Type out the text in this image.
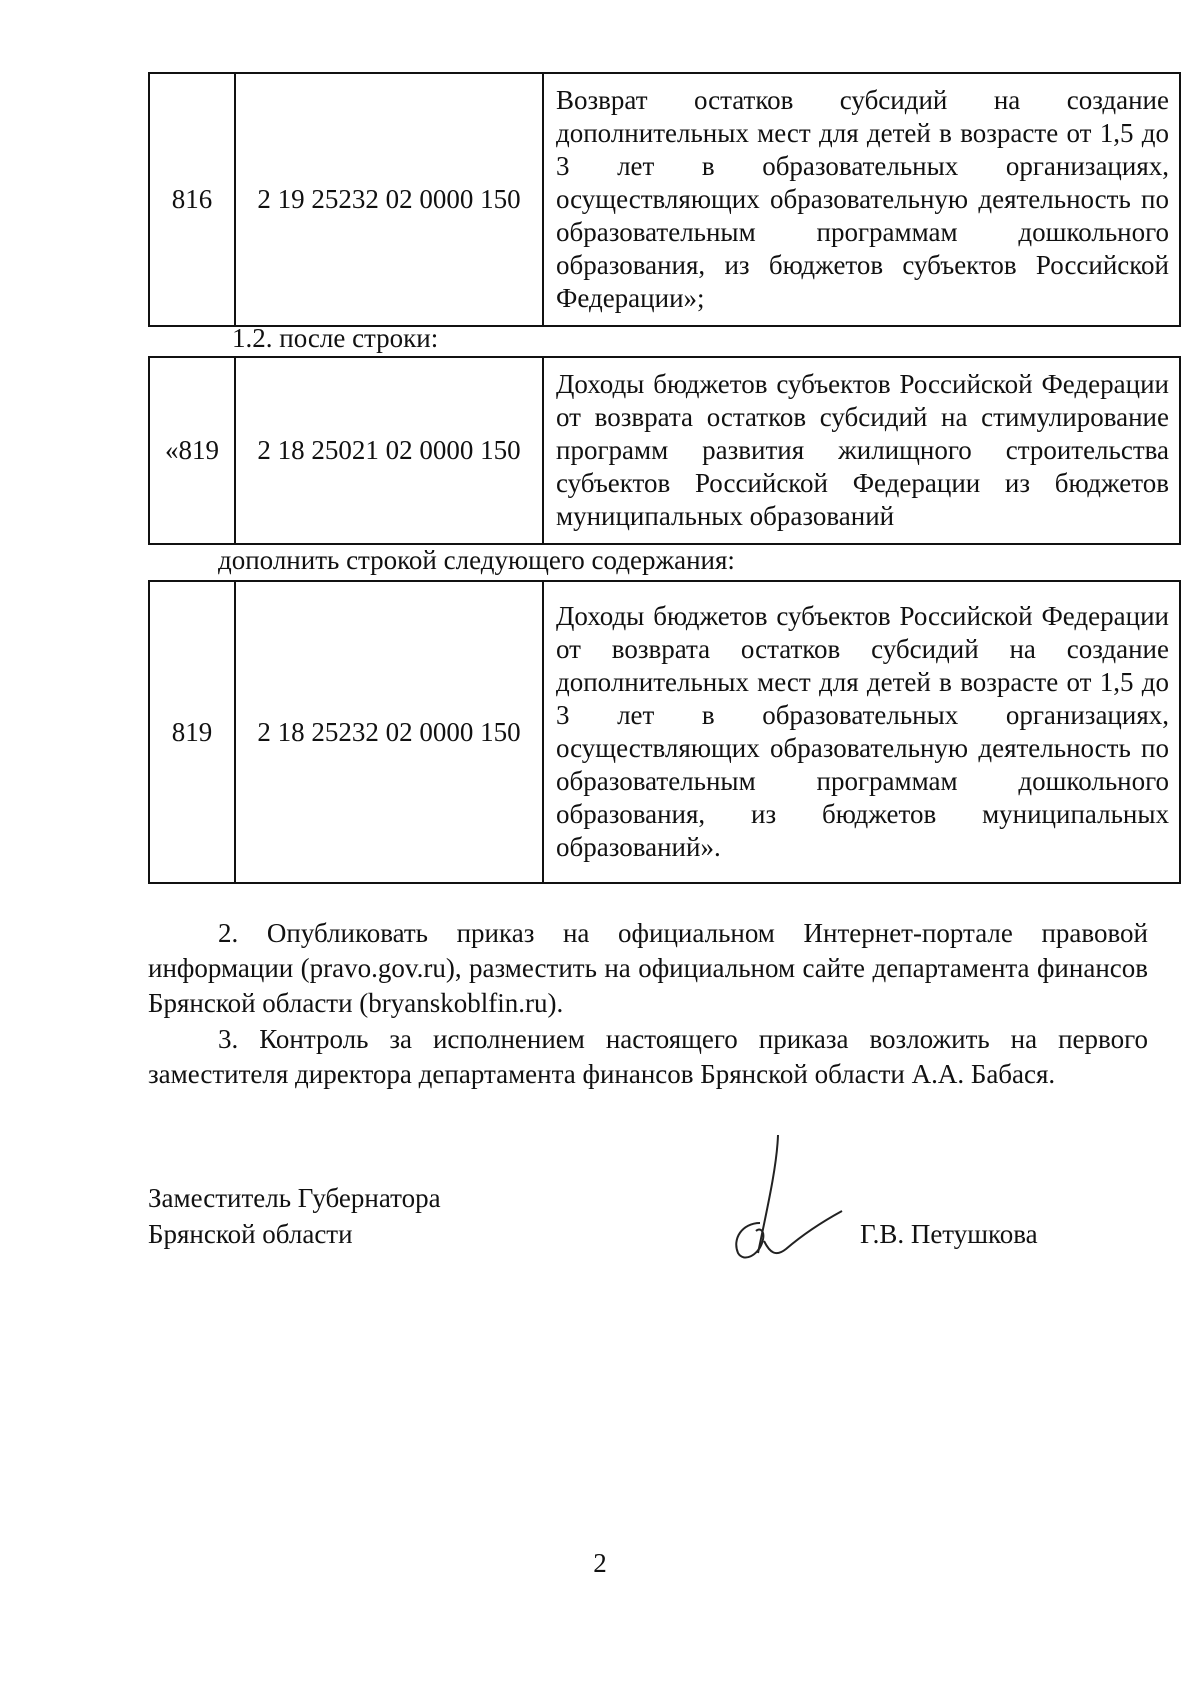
816	2 19 25232 02 0000 150	Возврат остатков субсидий на создание дополнительных мест для детей в возрасте от 1,5 до 3 лет в образовательных организациях, осуществляющих образовательную деятельность по образовательным программам дошкольного образования, из бюджетов субъектов Российской Федерации»;
1.2. после строки:
«819	2 18 25021 02 0000 150	Доходы бюджетов субъектов Российской Федерации от возврата остатков субсидий на стимулирование программ развития жилищного строительства субъектов Российской Федерации из бюджетов муниципальных образований
дополнить строкой следующего содержания:
819	2 18 25232 02 0000 150	Доходы бюджетов субъектов Российской Федерации от возврата остатков субсидий на создание дополнительных мест для детей в возрасте от 1,5 до 3 лет в образовательных организациях, осуществляющих образовательную деятельность по образовательным программам дошкольного образования, из бюджетов муниципальных образований».
2. Опубликовать приказ на официальном Интернет-портале правовой информации (pravo.gov.ru), разместить на официальном сайте департамента финансов Брянской области (bryanskoblfin.ru).
3. Контроль за исполнением настоящего приказа возложить на первого заместителя директора департамента финансов Брянской области А.А. Бабася.
Заместитель Губернатора
Брянской области	Г.В. Петушкова
2
